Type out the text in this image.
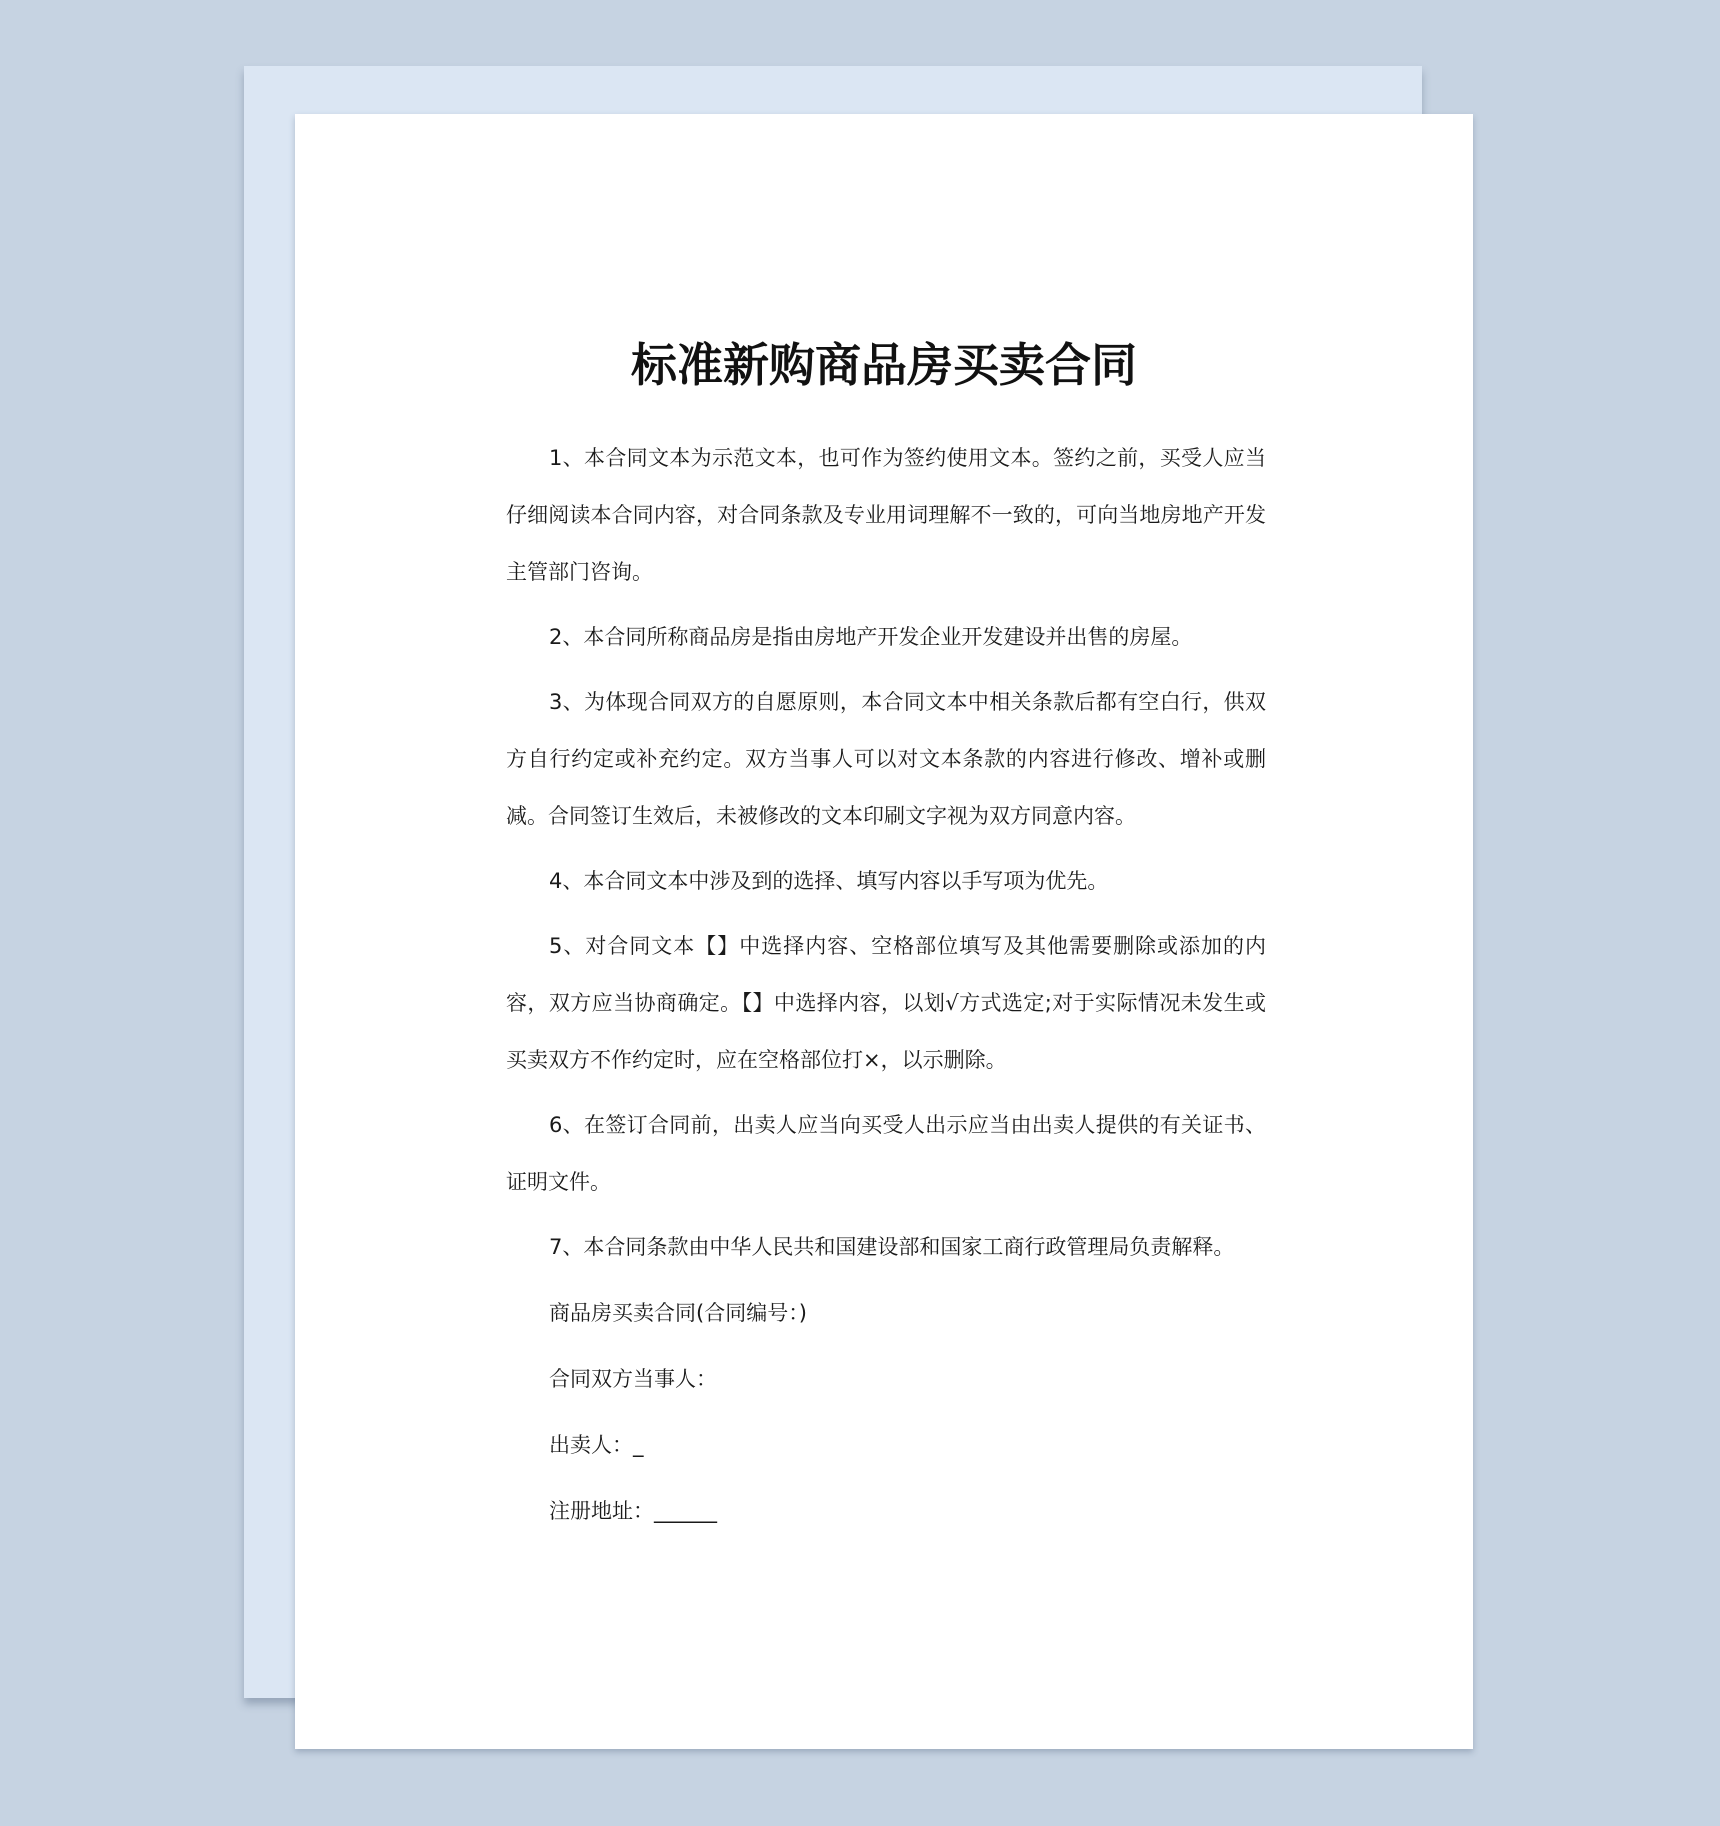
标准新购商品房买卖合同

1、本合同文本为示范文本，也可作为签约使用文本。签约之前，买受人应当仔细阅读本合同内容，对合同条款及专业用词理解不一致的，可向当地房地产开发主管部门咨询。

2、本合同所称商品房是指由房地产开发企业开发建设并出售的房屋。

3、为体现合同双方的自愿原则，本合同文本中相关条款后都有空白行，供双方自行约定或补充约定。双方当事人可以对文本条款的内容进行修改、增补或删减。合同签订生效后，未被修改的文本印刷文字视为双方同意内容。

4、本合同文本中涉及到的选择、填写内容以手写项为优先。

5、对合同文本【】中选择内容、空格部位填写及其他需要删除或添加的内容，双方应当协商确定。【】中选择内容，以划√方式选定;对于实际情况未发生或买卖双方不作约定时，应在空格部位打×，以示删除。

6、在签订合同前，出卖人应当向买受人出示应当由出卖人提供的有关证书、证明文件。

7、本合同条款由中华人民共和国建设部和国家工商行政管理局负责解释。

商品房买卖合同(合同编号：)
合同双方当事人：
出卖人：_
注册地址：______
